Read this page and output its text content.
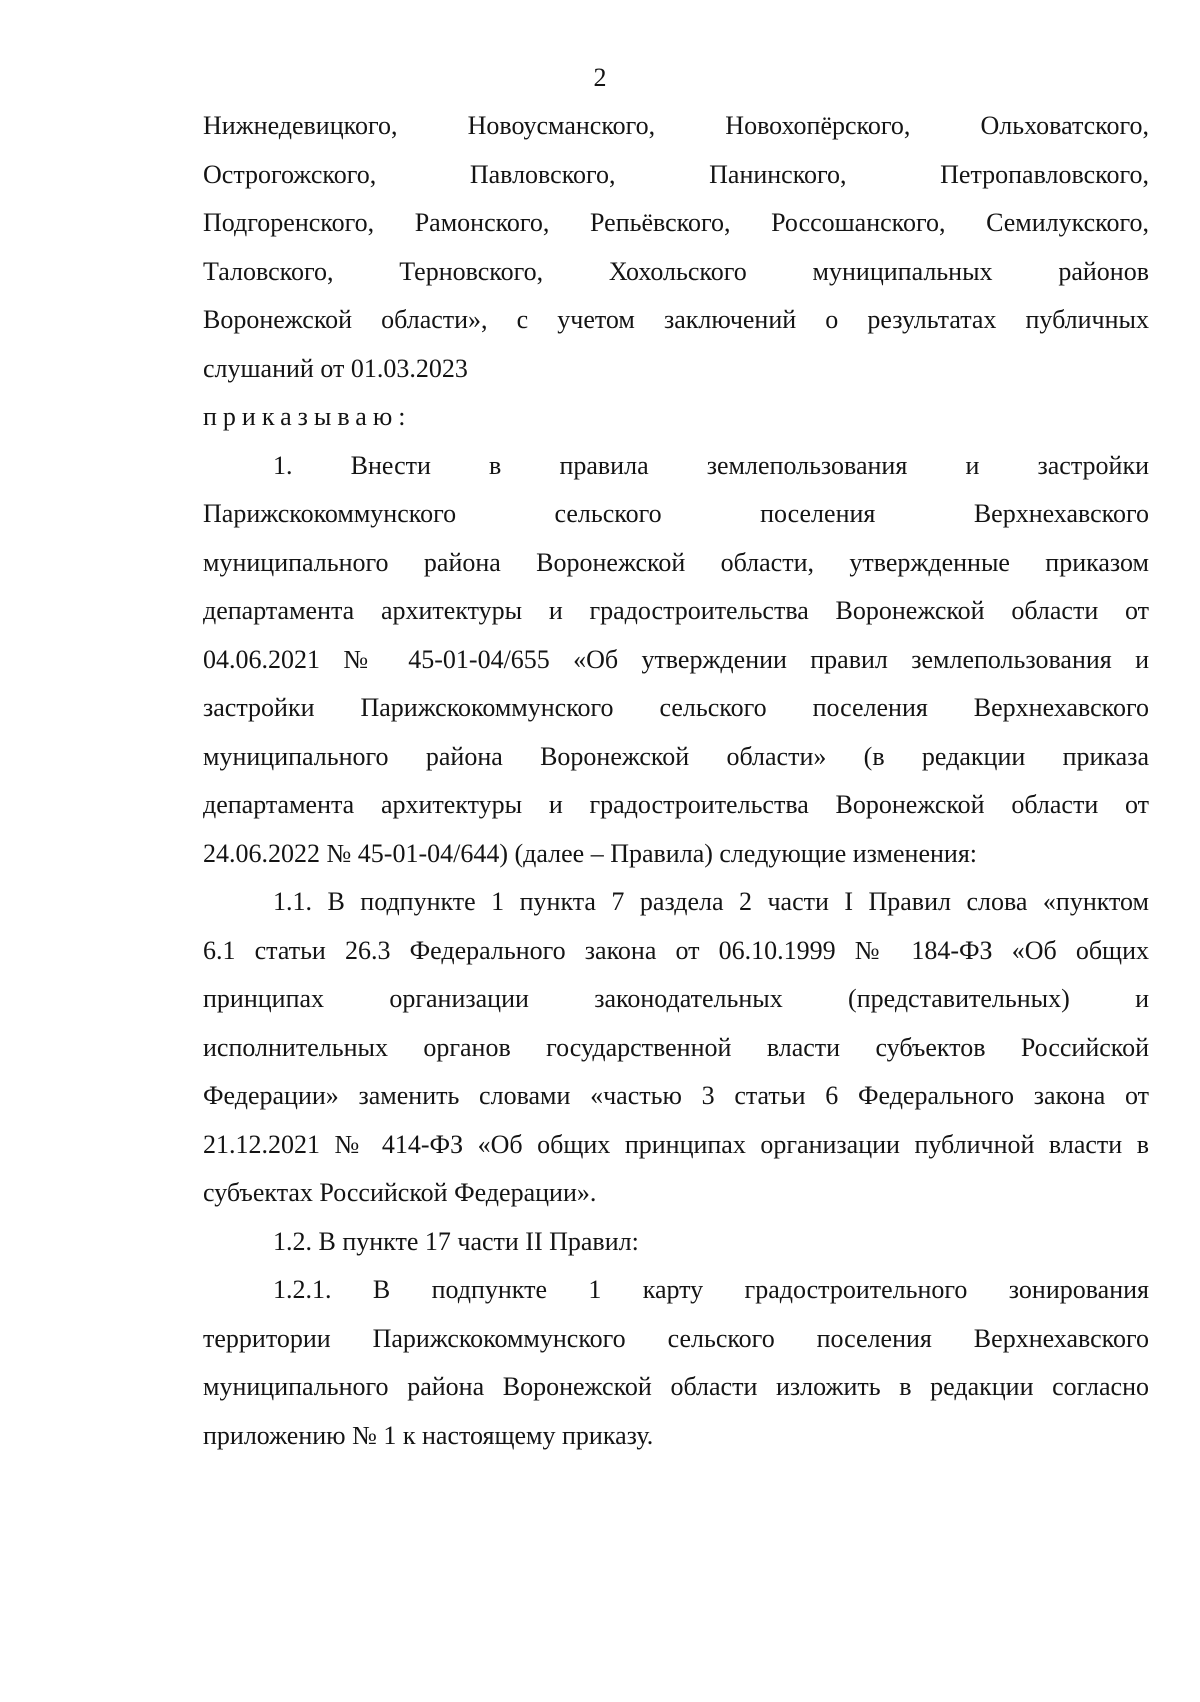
2
Нижнедевицкого, Новоусманского, Новохопёрского, Ольховатского,
Острогожского, Павловского, Панинского, Петропавловского,
Подгоренского, Рамонского, Репьёвского, Россошанского, Семилукского,
Таловского, Терновского, Хохольского муниципальных районов
Воронежской области», с учетом заключений о результатах публичных
слушаний от 01.03.2023
приказываю:
1. Внести в правила землепользования и застройки
Парижскокоммунского сельского поселения Верхнехавского
муниципального района Воронежской области, утвержденные приказом
департамента архитектуры и градостроительства Воронежской области от
04.06.2021 № 45-01-04/655 «Об утверждении правил землепользования и
застройки Парижскокоммунского сельского поселения Верхнехавского
муниципального района Воронежской области» (в редакции приказа
департамента архитектуры и градостроительства Воронежской области от
24.06.2022 № 45-01-04/644) (далее – Правила) следующие изменения:
1.1. В подпункте 1 пункта 7 раздела 2 части I Правил слова «пунктом
6.1 статьи 26.3 Федерального закона от 06.10.1999 № 184-ФЗ «Об общих
принципах организации законодательных (представительных) и
исполнительных органов государственной власти субъектов Российской
Федерации» заменить словами «частью 3 статьи 6 Федерального закона от
21.12.2021 № 414-ФЗ «Об общих принципах организации публичной власти в
субъектах Российской Федерации».
1.2. В пункте 17 части II Правил:
1.2.1. В подпункте 1 карту градостроительного зонирования
территории Парижскокоммунского сельского поселения Верхнехавского
муниципального района Воронежской области изложить в редакции согласно
приложению № 1 к настоящему приказу.
